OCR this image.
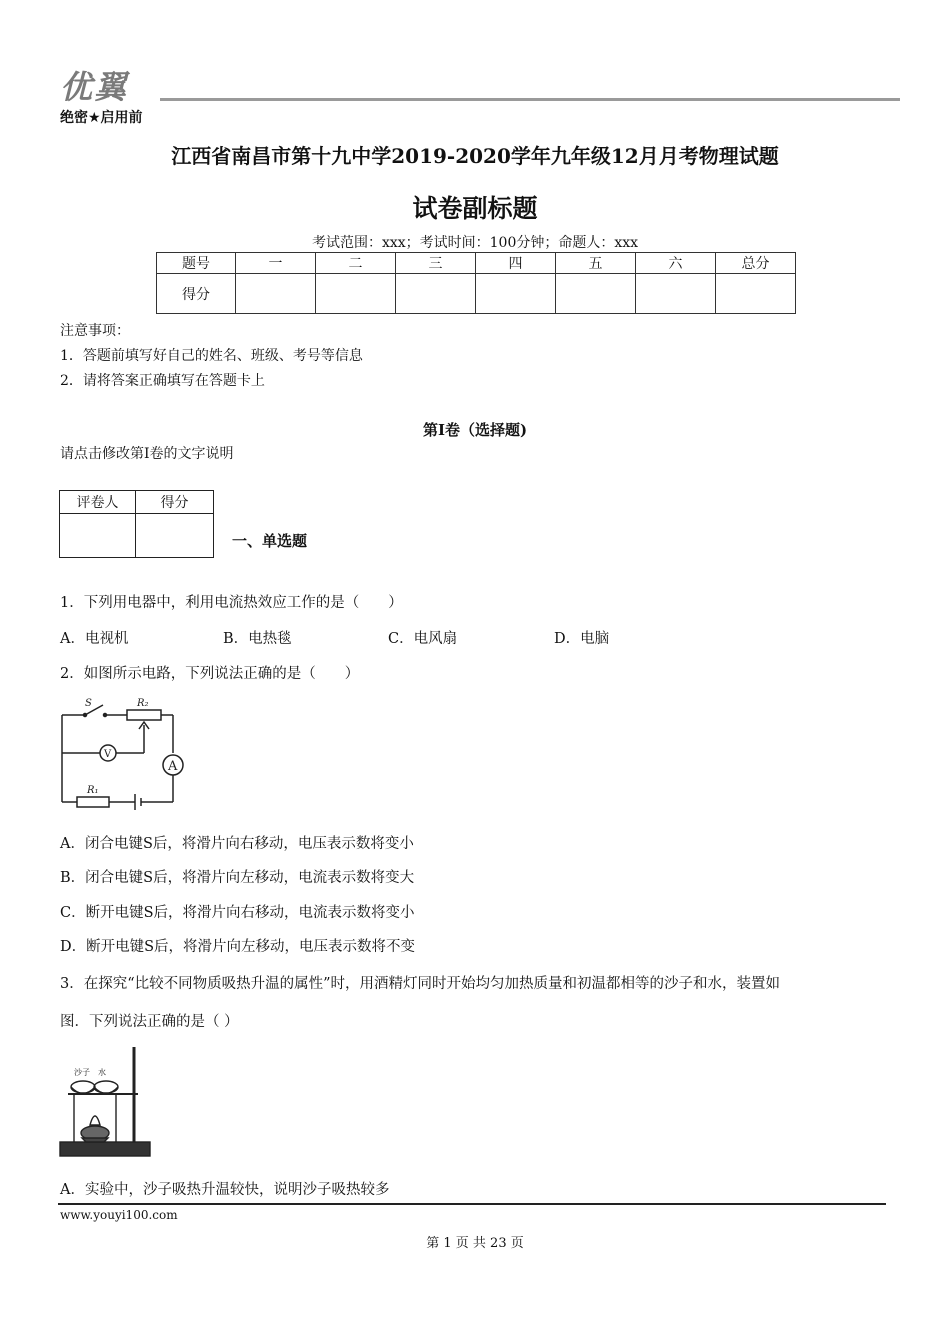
优翼
绝密★启用前
江西省南昌市第十九中学2019-2020学年九年级12月月考物理试题
试卷副标题
考试范围：xxx；考试时间：100分钟；命题人：xxx
题号	一	二	三	四	五	六	总分
得分							
注意事项：
1．答题前填写好自己的姓名、班级、考号等信息
2．请将答案正确填写在答题卡上
第I卷（选择题)
请点击修改第I卷的文字说明
评卷人	得分

一、单选题
1．下列用电器中，利用电流热效应工作的是（　　）
A．电视机	B．电热毯	C．电风扇	D．电脑
2．如图所示电路，下列说法正确的是（　　）
S	R₂
V
A
R₁
A．闭合电键S后，将滑片向右移动，电压表示数将变小
B．闭合电键S后，将滑片向左移动，电流表示数将变大
C．断开电键S后，将滑片向右移动，电流表示数将变小
D．断开电键S后，将滑片向左移动，电压表示数将不变
3．在探究“比较不同物质吸热升温的属性”时，用酒精灯同时开始均匀加热质量和初温都相等的沙子和水，装置如
图．下列说法正确的是（ ）
沙子 水
A．实验中，沙子吸热升温较快，说明沙子吸热较多
www.youyi100.com
第 1 页 共 23 页
